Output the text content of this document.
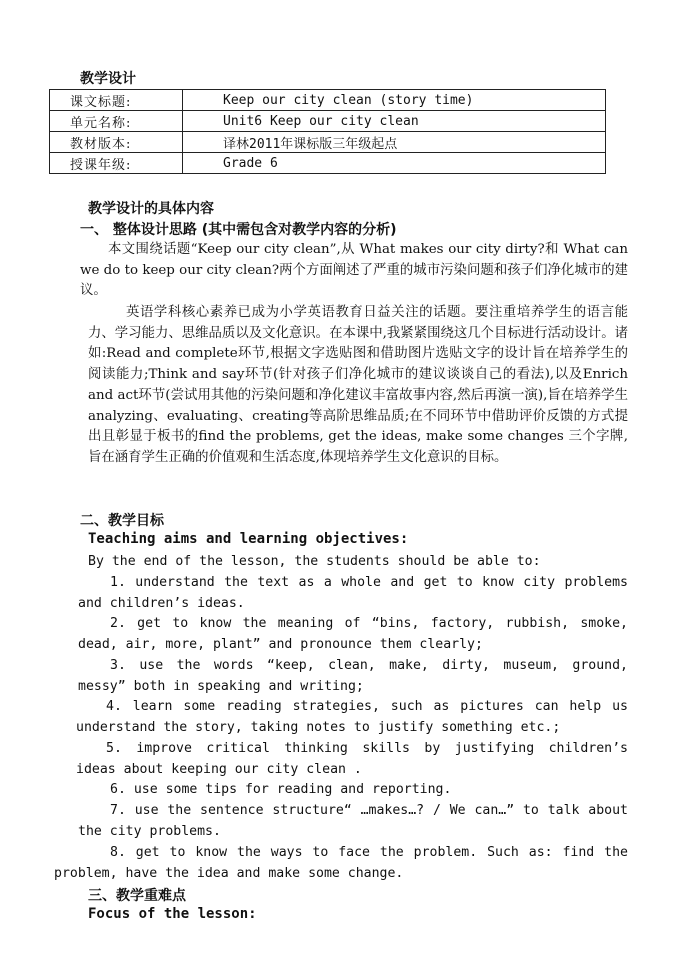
教学设计
课文标题:	Keep our city clean (story time)
单元名称:	Unit6 Keep our city clean
教材版本:	译林2011年课标版三年级起点
授课年级:	Grade 6
教学设计的具体内容
一、 整体设计思路 (其中需包含对教学内容的分析)
本文围绕话题“Keep our city clean”,从 What makes our city dirty?和 What can we do to keep our city clean?两个方面阐述了严重的城市污染问题和孩子们净化城市的建议。
英语学科核心素养已成为小学英语教育日益关注的话题。要注重培养学生的语言能力、学习能力、思维品质以及文化意识。在本课中,我紧紧围绕这几个目标进行活动设计。诸如:Read and complete环节,根据文字选贴图和借助图片选贴文字的设计旨在培养学生的阅读能力;Think and say环节(针对孩子们净化城市的建议谈谈自己的看法),以及Enrich and act环节(尝试用其他的污染问题和净化建议丰富故事内容,然后再演一演),旨在培养学生analyzing、evaluating、creating等高阶思维品质;在不同环节中借助评价反馈的方式提出且彰显于板书的find the problems, get the ideas, make some changes 三个字牌,旨在涵育学生正确的价值观和生活态度,体现培养学生文化意识的目标。
二、教学目标
Teaching aims and learning objectives:
By the end of the lesson, the students should be able to:
1. understand the text as a whole and get to know city problems and children’s ideas.
2. get to know the meaning of “bins, factory, rubbish, smoke, dead, air, more, plant” and pronounce them clearly;
3. use the words “keep, clean, make, dirty, museum, ground, messy” both in speaking and writing;
4. learn some reading strategies, such as pictures can help us understand the story, taking notes to justify something etc.;
5. improve critical thinking skills by justifying children’s ideas about keeping our city clean .
6. use some tips for reading and reporting.
7. use the sentence structure“ …makes…? / We can…” to talk about the city problems.
8. get to know the ways to face the problem. Such as: find the problem, have the idea and make some change.
三、教学重难点
Focus of the lesson:
